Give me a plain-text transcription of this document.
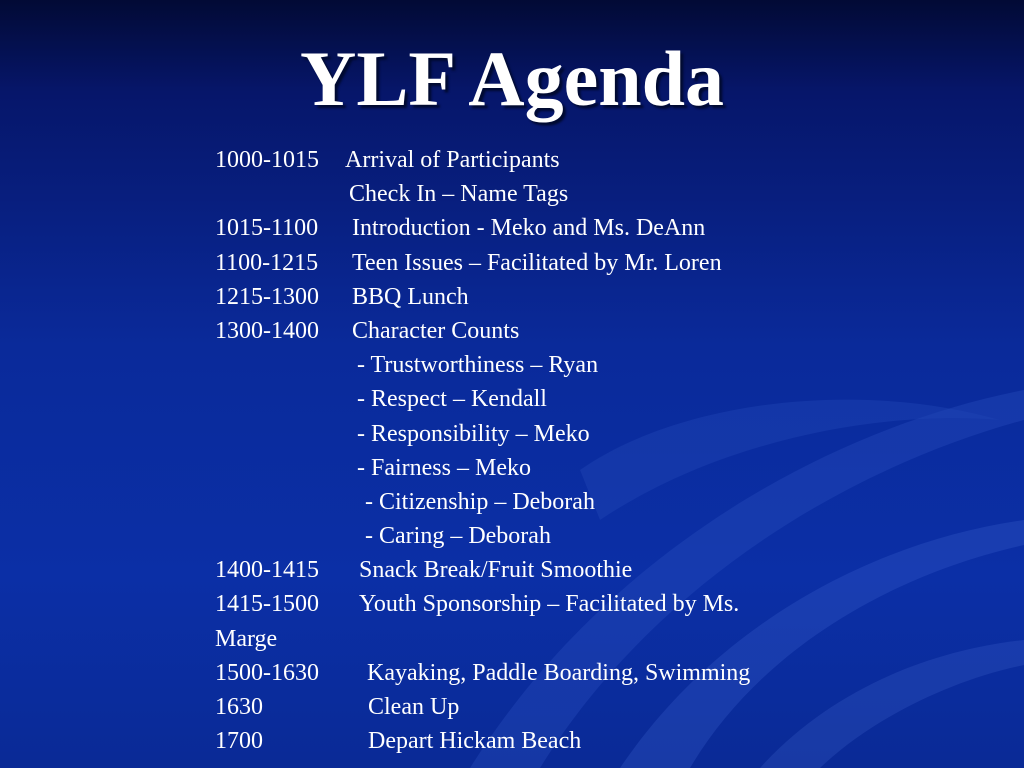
YLF Agenda
1000-1015 Arrival of Participants
Check In – Name Tags
1015-1100 Introduction - Meko and Ms. DeAnn
1100-1215 Teen Issues – Facilitated by Mr. Loren
1215-1300 BBQ Lunch
1300-1400 Character Counts
- Trustworthiness – Ryan
- Respect – Kendall
- Responsibility – Meko
- Fairness – Meko
- Citizenship – Deborah
- Caring – Deborah
1400-1415 Snack Break/Fruit Smoothie
1415-1500 Youth Sponsorship – Facilitated by Ms.
Marge
1500-1630 Kayaking, Paddle Boarding, Swimming
1630	Clean Up
1700	Depart Hickam Beach
